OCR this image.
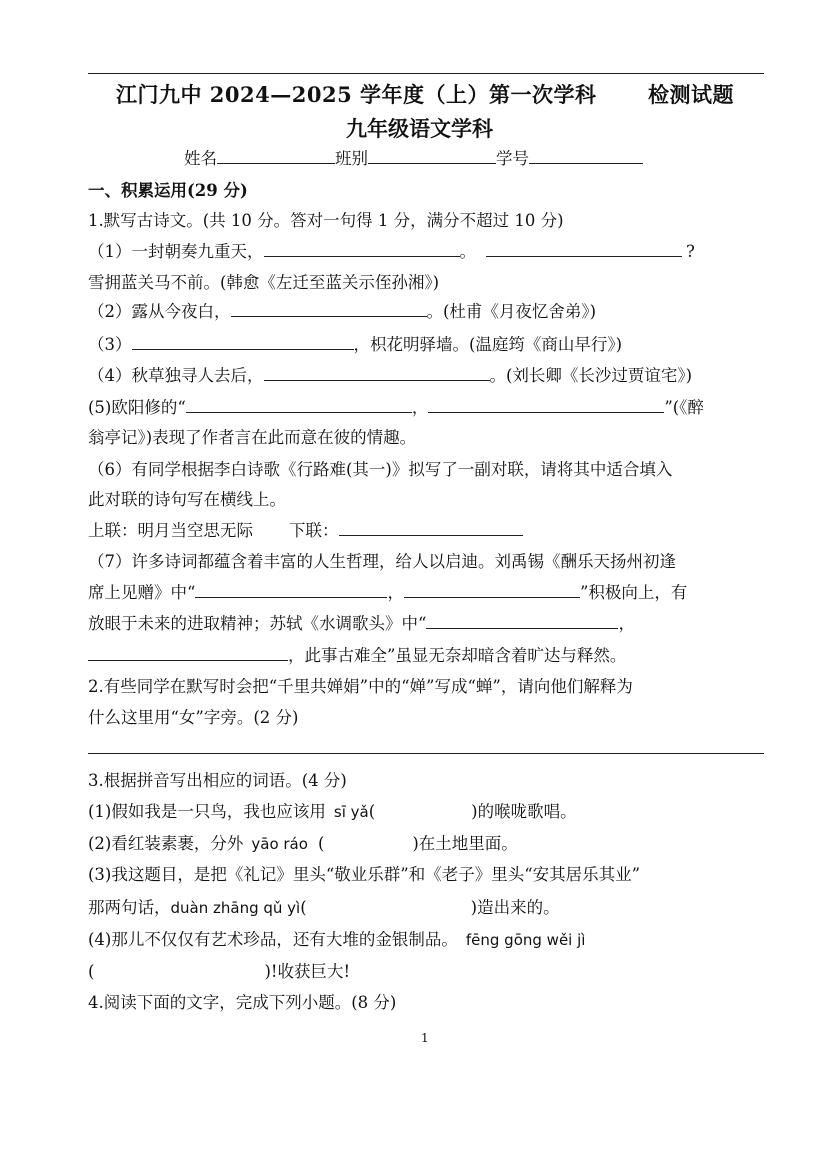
江门九中 2024—2025 学年度（上）第一次学科 检测试题
九年级语文学科
姓名	班别	学号
一、积累运用(29 分)
1.默写古诗文。(共 10 分。答对一句得 1 分，满分不超过 10 分)
（1）一封朝奏九重天，	。	?
雪拥蓝关马不前。(韩愈《左迁至蓝关示侄孙湘》)
（2）露从今夜白，	。(杜甫《月夜忆舍弟》)
（3）	，枳花明驿墙。(温庭筠《商山早行》)
（4）秋草独寻人去后，	。(刘长卿《长沙过贾谊宅》)
(5)欧阳修的“	，	”(《醉
翁亭记》)表现了作者言在此而意在彼的情趣。
（6）有同学根据李白诗歌《行路难(其一)》拟写了一副对联，请将其中适合填入
此对联的诗句写在横线上。
上联：明月当空思无际 下联：
（7）许多诗词都蕴含着丰富的人生哲理，给人以启迪。刘禹锡《酬乐天扬州初逢
席上见赠》中“	，	”积极向上，有
放眼于未来的进取精神；苏轼《水调歌头》中“	，
，此事古难全”虽显无奈却暗含着旷达与释然。
2.有些同学在默写时会把“千里共婵娟”中的“婵”写成“蝉”，请向他们解释为
什么这里用“女”字旁。(2 分)
3.根据拼音写出相应的词语。(4 分)
(1)假如我是一只鸟，我也应该用 sī yǎ(	)的喉咙歌唱。
(2)看红装素裹，分外 yāo ráo (	)在土地里面。
(3)我这题目，是把《礼记》里头“敬业乐群”和《老子》里头“安其居乐其业”
那两句话，duàn zhāng qǔ yì(	)造出来的。
(4)那儿不仅仅有艺术珍品，还有大堆的金银制品。 fēng gōng wěi jì
(	)!收获巨大!
4.阅读下面的文字，完成下列小题。(8 分)
1
